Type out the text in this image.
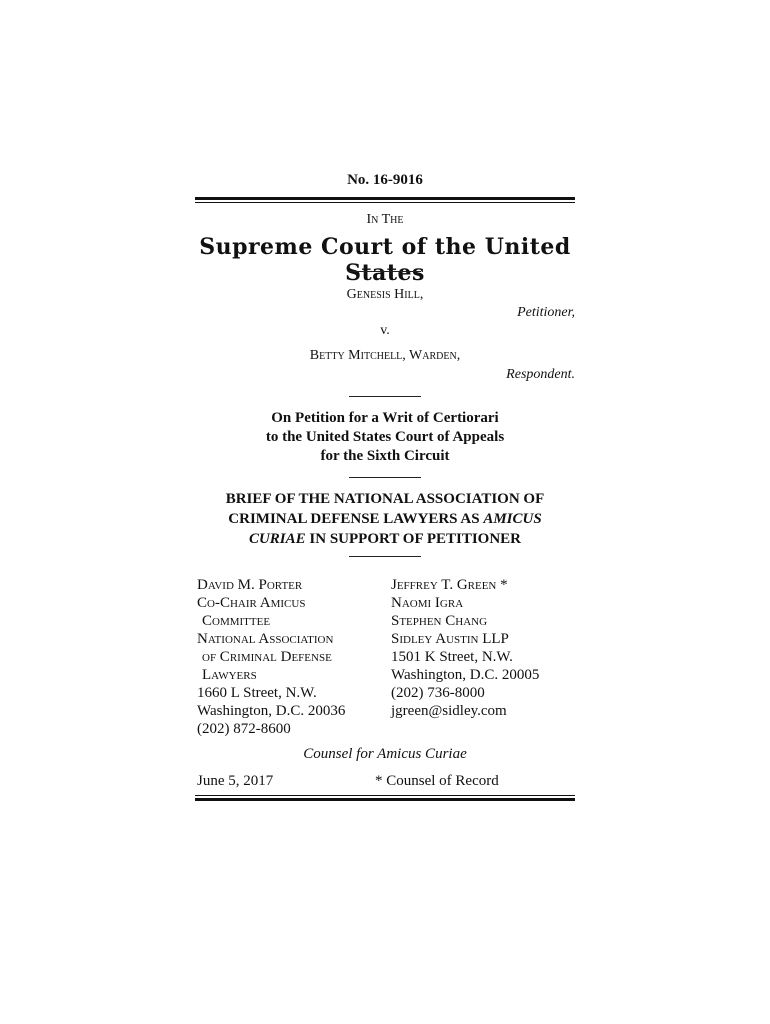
No. 16-9016
In The
Supreme Court of the United States
Genesis Hill,
Petitioner,
v.
Betty Mitchell, Warden,
Respondent.
On Petition for a Writ of Certiorari
to the United States Court of Appeals
for the Sixth Circuit
BRIEF OF THE NATIONAL ASSOCIATION OF
CRIMINAL DEFENSE LAWYERS AS AMICUS
CURIAE IN SUPPORT OF PETITIONER
David M. Porter
Co-Chair Amicus
Committee
National Association
of Criminal Defense
Lawyers
1660 L Street, N.W.
Washington, D.C. 20036
(202) 872-8600
Jeffrey T. Green *
Naomi Igra
Stephen Chang
Sidley Austin LLP
1501 K Street, N.W.
Washington, D.C. 20005
(202) 736-8000
jgreen@sidley.com
Counsel for Amicus Curiae
June 5, 2017	* Counsel of Record
